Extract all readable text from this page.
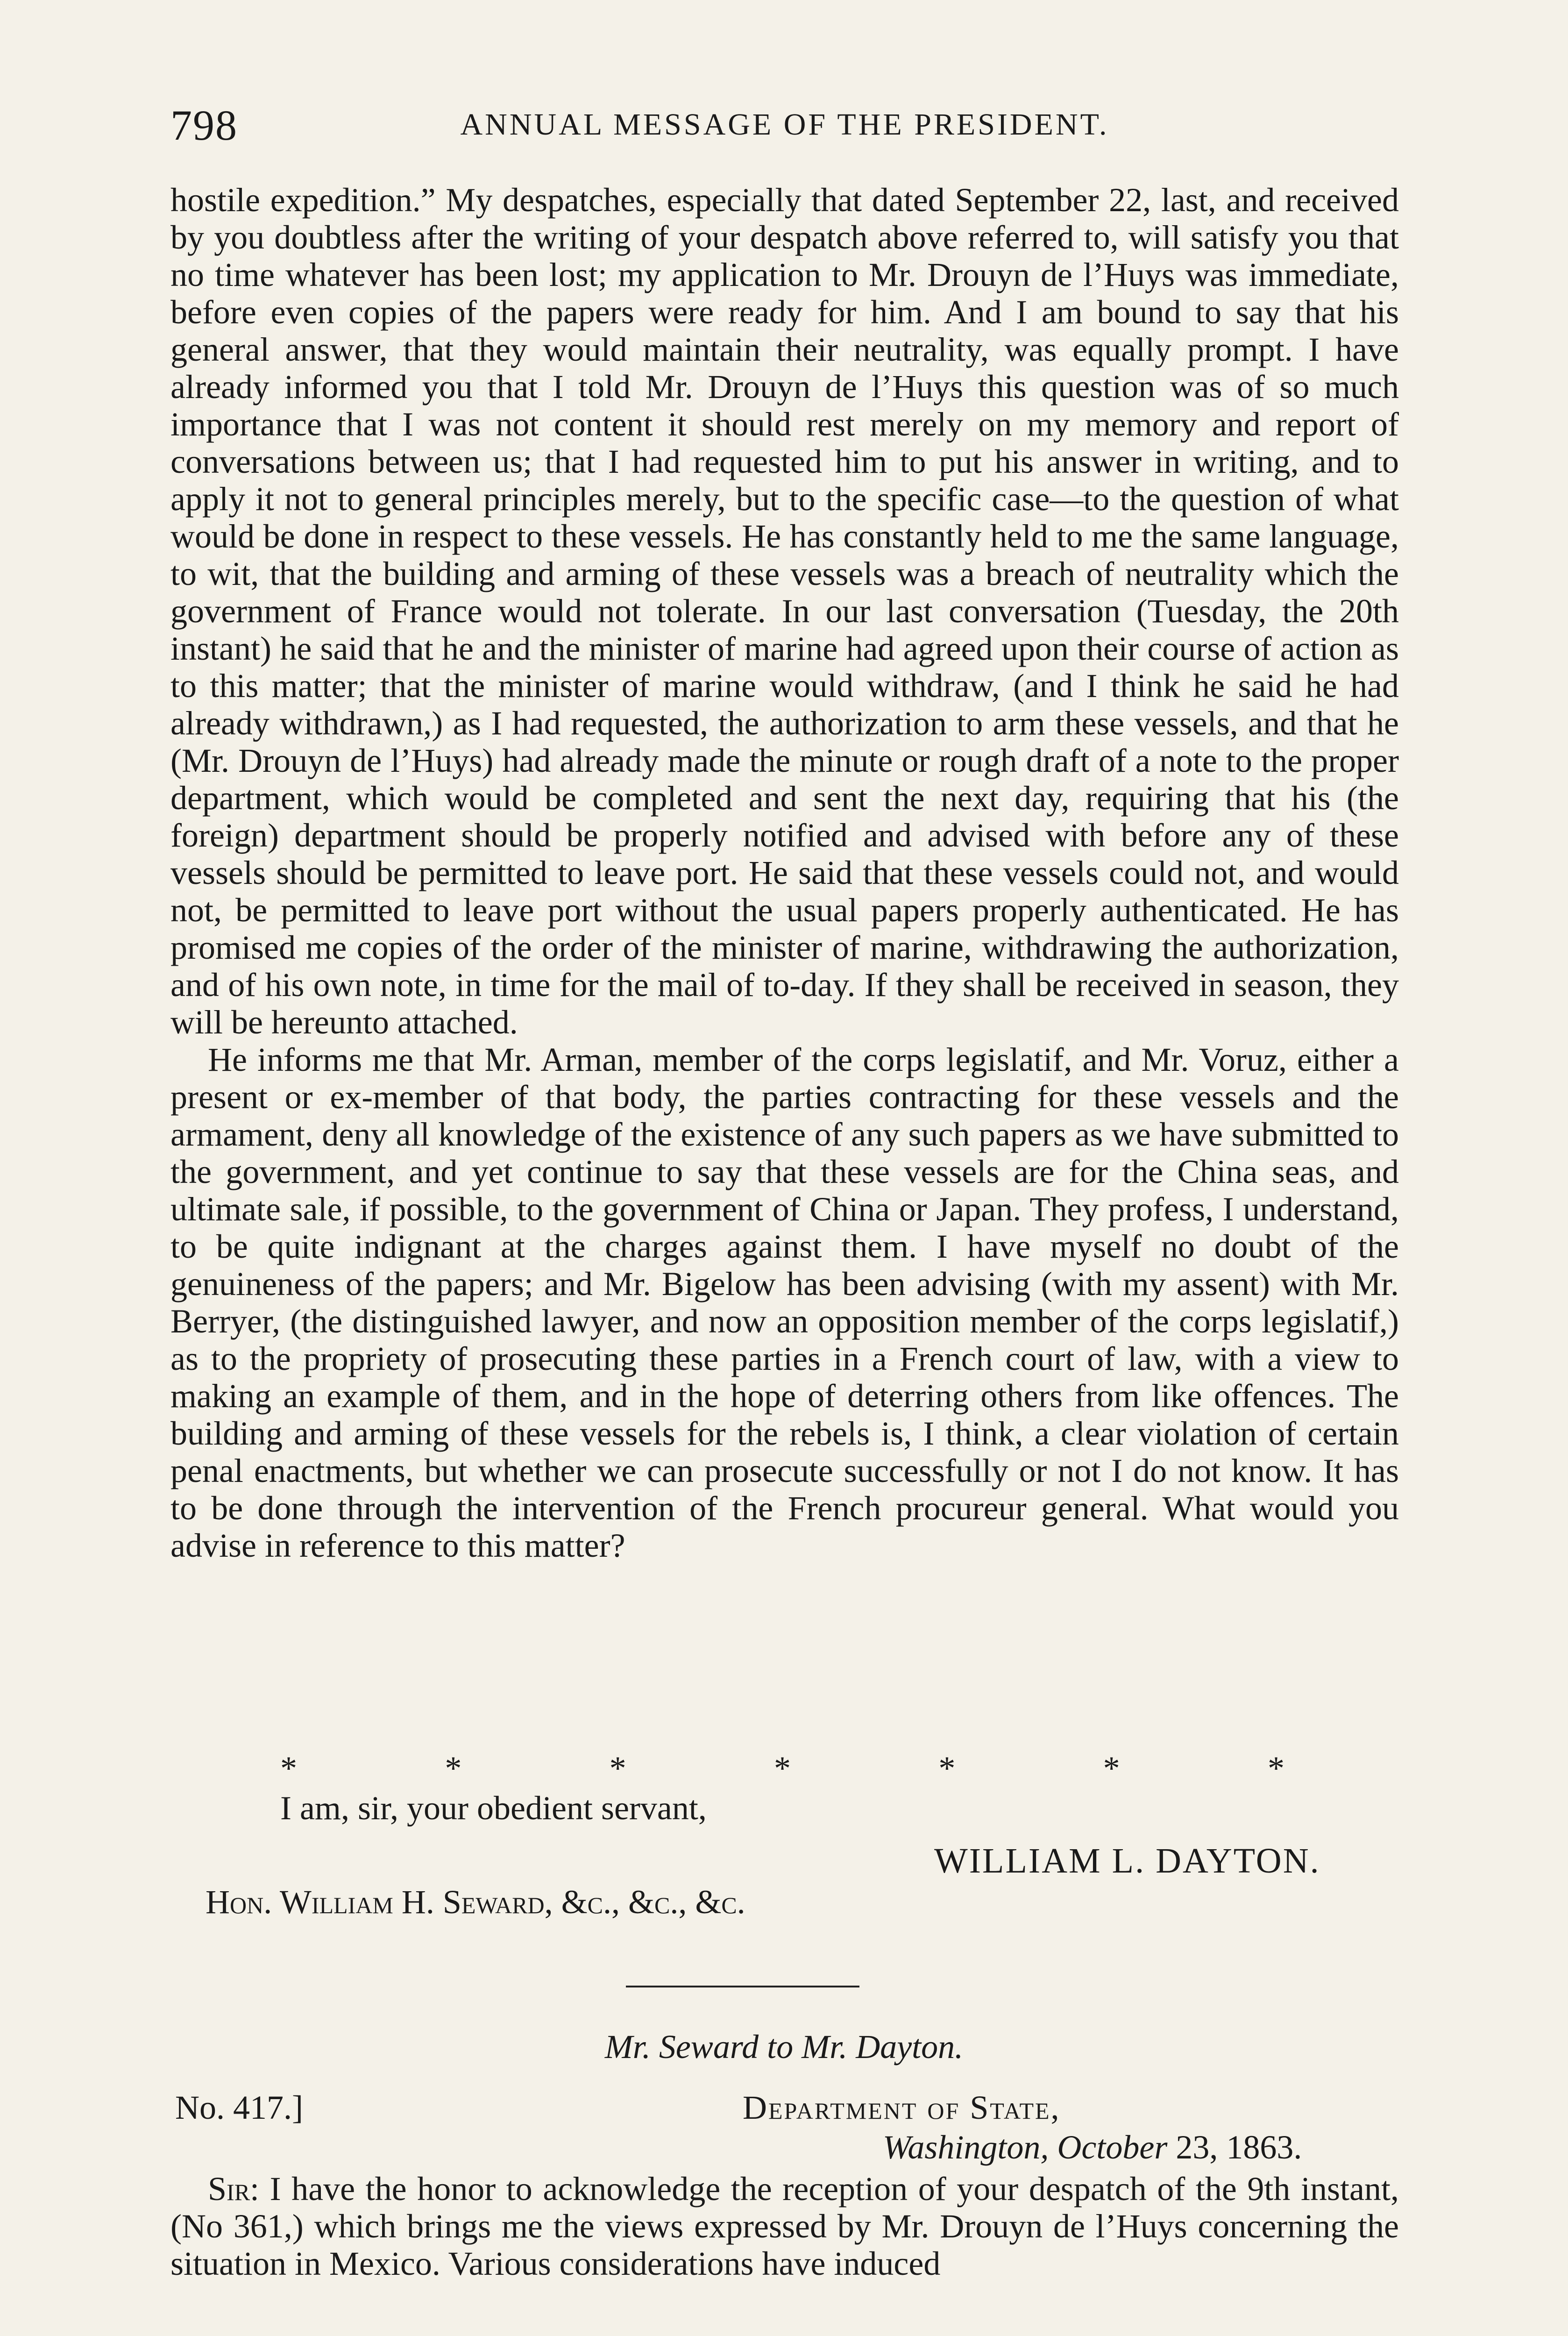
798	ANNUAL MESSAGE OF THE PRESIDENT.

hostile expedition.” My despatches, especially that dated September 22, last, and received by you doubtless after the writing of your despatch above referred to, will satisfy you that no time whatever has been lost; my application to Mr. Drouyn de l’Huys was immediate, before even copies of the papers were ready for him. And I am bound to say that his general answer, that they would maintain their neutrality, was equally prompt. I have already informed you that I told Mr. Drouyn de l’Huys this question was of so much importance that I was not content it should rest merely on my memory and report of conversations between us; that I had requested him to put his answer in writing, and to apply it not to general principles merely, but to the specific case—to the question of what would be done in respect to these vessels. He has constantly held to me the same language, to wit, that the building and arming of these vessels was a breach of neutrality which the government of France would not tolerate. In our last conversation (Tuesday, the 20th instant) he said that he and the minister of marine had agreed upon their course of action as to this matter; that the minister of marine would withdraw, (and I think he said he had already withdrawn,) as I had requested, the authorization to arm these vessels, and that he (Mr. Drouyn de l’Huys) had already made the minute or rough draft of a note to the proper department, which would be completed and sent the next day, requiring that his (the foreign) department should be properly notified and advised with before any of these vessels should be permitted to leave port. He said that these vessels could not, and would not, be permitted to leave port without the usual papers properly authenticated. He has promised me copies of the order of the minister of marine, withdrawing the authorization, and of his own note, in time for the mail of to-day. If they shall be received in season, they will be hereunto attached.

He informs me that Mr. Arman, member of the corps legislatif, and Mr. Voruz, either a present or ex-member of that body, the parties contracting for these vessels and the armament, deny all knowledge of the existence of any such papers as we have submitted to the government, and yet continue to say that these vessels are for the China seas, and ultimate sale, if possible, to the government of China or Japan. They profess, I understand, to be quite indignant at the charges against them. I have myself no doubt of the genuineness of the papers; and Mr. Bigelow has been advising (with my assent) with Mr. Berryer, (the distinguished lawyer, and now an opposition member of the corps legislatif,) as to the propriety of prosecuting these parties in a French court of law, with a view to making an example of them, and in the hope of deterring others from like offences. The building and arming of these vessels for the rebels is, I think, a clear violation of certain penal enactments, but whether we can prosecute successfully or not I do not know. It has to be done through the intervention of the French procureur general. What would you advise in reference to this matter?

*	*	*	*	*	*	*
I am, sir, your obedient servant,
WILLIAM L. DAYTON.
Hon. William H. Seward, &c., &c., &c.
Mr. Seward to Mr. Dayton.
No. 417.]	Department of State,
Washington, October 23, 1863.
Sir: I have the honor to acknowledge the reception of your despatch of the 9th instant, (No 361,) which brings me the views expressed by Mr. Drouyn de l’Huys concerning the situation in Mexico. Various considerations have induced
